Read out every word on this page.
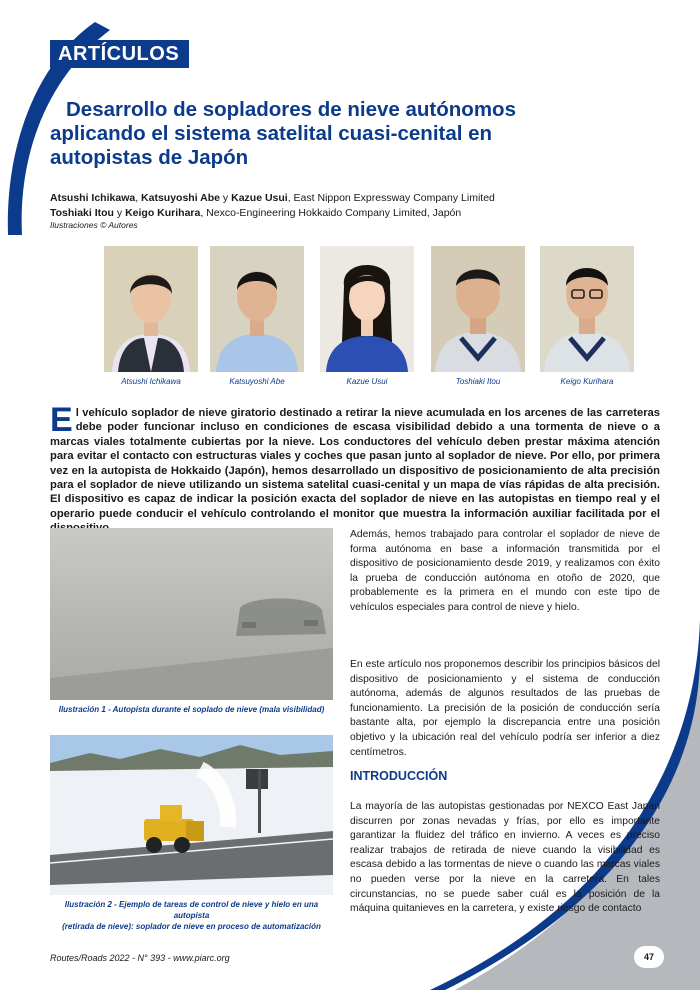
ARTÍCULOS
Desarrollo de sopladores de nieve autónomos
aplicando el sistema satelital cuasi-cenital en
autopistas de Japón
Atsushi Ichikawa, Katsuyoshi Abe y Kazue Usui, East Nippon Expressway Company Limited
Toshiaki Itou y Keigo Kurihara, Nexco-Engineering Hokkaido Company Limited, Japón
Ilustraciones © Autores
Atsushi Ichikawa	Katsuyoshi Abe	Kazue Usui	Toshiaki Itou	Keigo Kurihara

El vehículo soplador de nieve giratorio destinado a retirar la nieve acumulada en los arcenes de las carreteras debe poder funcionar incluso en condiciones de escasa visibilidad debido a una tormenta de nieve o a marcas viales totalmente cubiertas por la nieve. Los conductores del vehículo deben prestar máxima atención para evitar el contacto con estructuras viales y coches que pasan junto al soplador de nieve. Por ello, por primera vez en la autopista de Hokkaido (Japón), hemos desarrollado un dispositivo de posicionamiento de alta precisión para el soplador de nieve utilizando un sistema satelital cuasi-cenital y un mapa de vías rápidas de alta precisión. El dispositivo es capaz de indicar la posición exacta del soplador de nieve en las autopistas en tiempo real y el operario puede conducir el vehículo controlando el monitor que muestra la información auxiliar facilitada por el

Ilustración 1 - Autopista durante el soplado de nieve (mala visibilidad)
Ilustración 2 - Ejemplo de tareas de control de nieve y hielo en una autopista
(retirada de nieve): soplador de nieve en proceso de automatización

Además, hemos trabajado para controlar el soplador de nieve de forma autónoma en base a información transmitida por el dispositivo de posicionamiento desde 2019, y realizamos con éxito la prueba de conducción autónoma en otoño de 2020, que probablemente es la primera en el mundo con este tipo de vehículos especiales para control de nieve y hielo.

En este artículo nos proponemos describir los principios básicos del dispositivo de posicionamiento y el sistema de conducción autónoma, además de algunos resultados de las pruebas de funcionamiento. La precisión de la posición de conducción sería bastante alta, por ejemplo la discrepancia entre una posición objetivo y la ubicación real del vehículo podría ser inferior a diez centímetros.

INTRODUCCIÓN

La mayoría de las autopistas gestionadas por NEXCO East Japan discurren por zonas nevadas y frías, por ello es importante garantizar la fluidez del tráfico en invierno. A veces es preciso realizar trabajos de retirada de nieve cuando la visibilidad es escasa debido a las tormentas de nieve o cuando las marcas viales no pueden verse por la nieve en la carretera. En tales circunstancias, no se puede saber cuál es la posición de la máquina quitanieves en la carretera, y existe riesgo de contacto

Routes/Roads 2022 - N° 393 - www.piarc.org	47
